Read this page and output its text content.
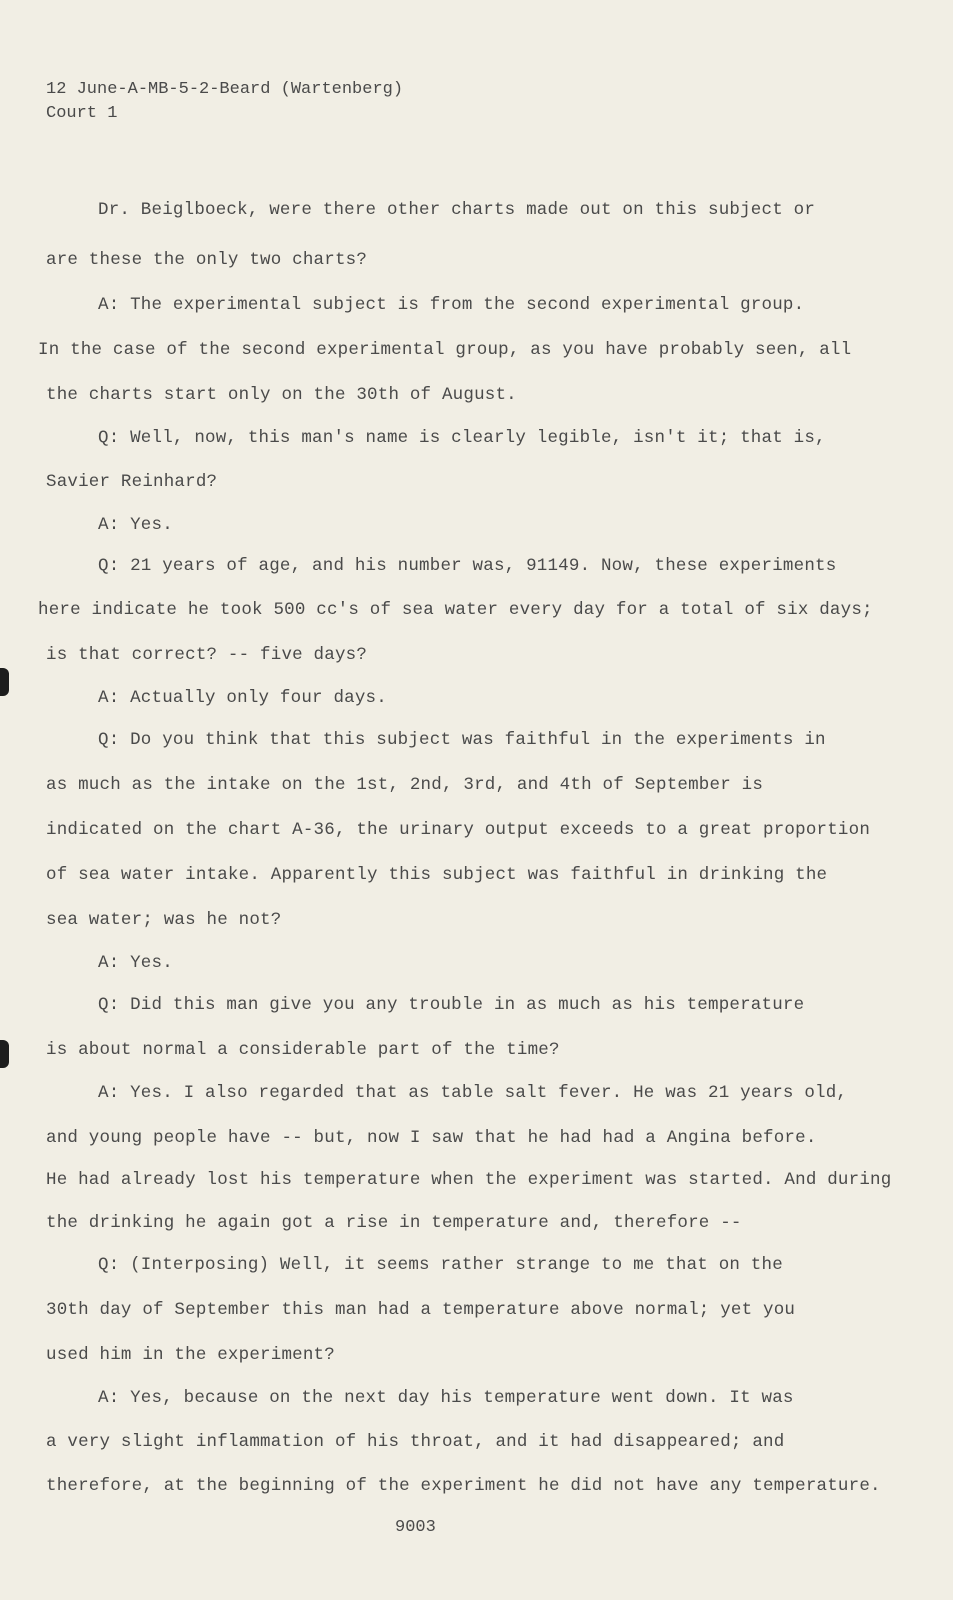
12 June-A-MB-5-2-Beard (Wartenberg)
Court 1
Dr. Beiglboeck, were there other charts made out on this subject or
are these the only two charts?
A: The experimental subject is from the second experimental group.
In the case of the second experimental group, as you have probably seen, all
the charts start only on the 30th of August.
Q: Well, now, this man's name is clearly legible, isn't it; that is,
Savier Reinhard?
A: Yes.
Q: 21 years of age, and his number was, 91149. Now, these experiments
here indicate he took 500 cc's of sea water every day for a total of six days;
is that correct? -- five days?
A: Actually only four days.
Q: Do you think that this subject was faithful in the experiments in
as much as the intake on the 1st, 2nd, 3rd, and 4th of September is
indicated on the chart A-36, the urinary output exceeds to a great proportion
of sea water intake. Apparently this subject was faithful in drinking the
sea water; was he not?
A: Yes.
Q: Did this man give you any trouble in as much as his temperature
is about normal a considerable part of the time?
A: Yes. I also regarded that as table salt fever. He was 21 years old,
and young people have -- but, now I saw that he had had a Angina before.
He had already lost his temperature when the experiment was started. And during
the drinking he again got a rise in temperature and, therefore --
Q: (Interposing) Well, it seems rather strange to me that on the
30th day of September this man had a temperature above normal; yet you
used him in the experiment?
A: Yes, because on the next day his temperature went down. It was
a very slight inflammation of his throat, and it had disappeared; and
therefore, at the beginning of the experiment he did not have any temperature.
9003
